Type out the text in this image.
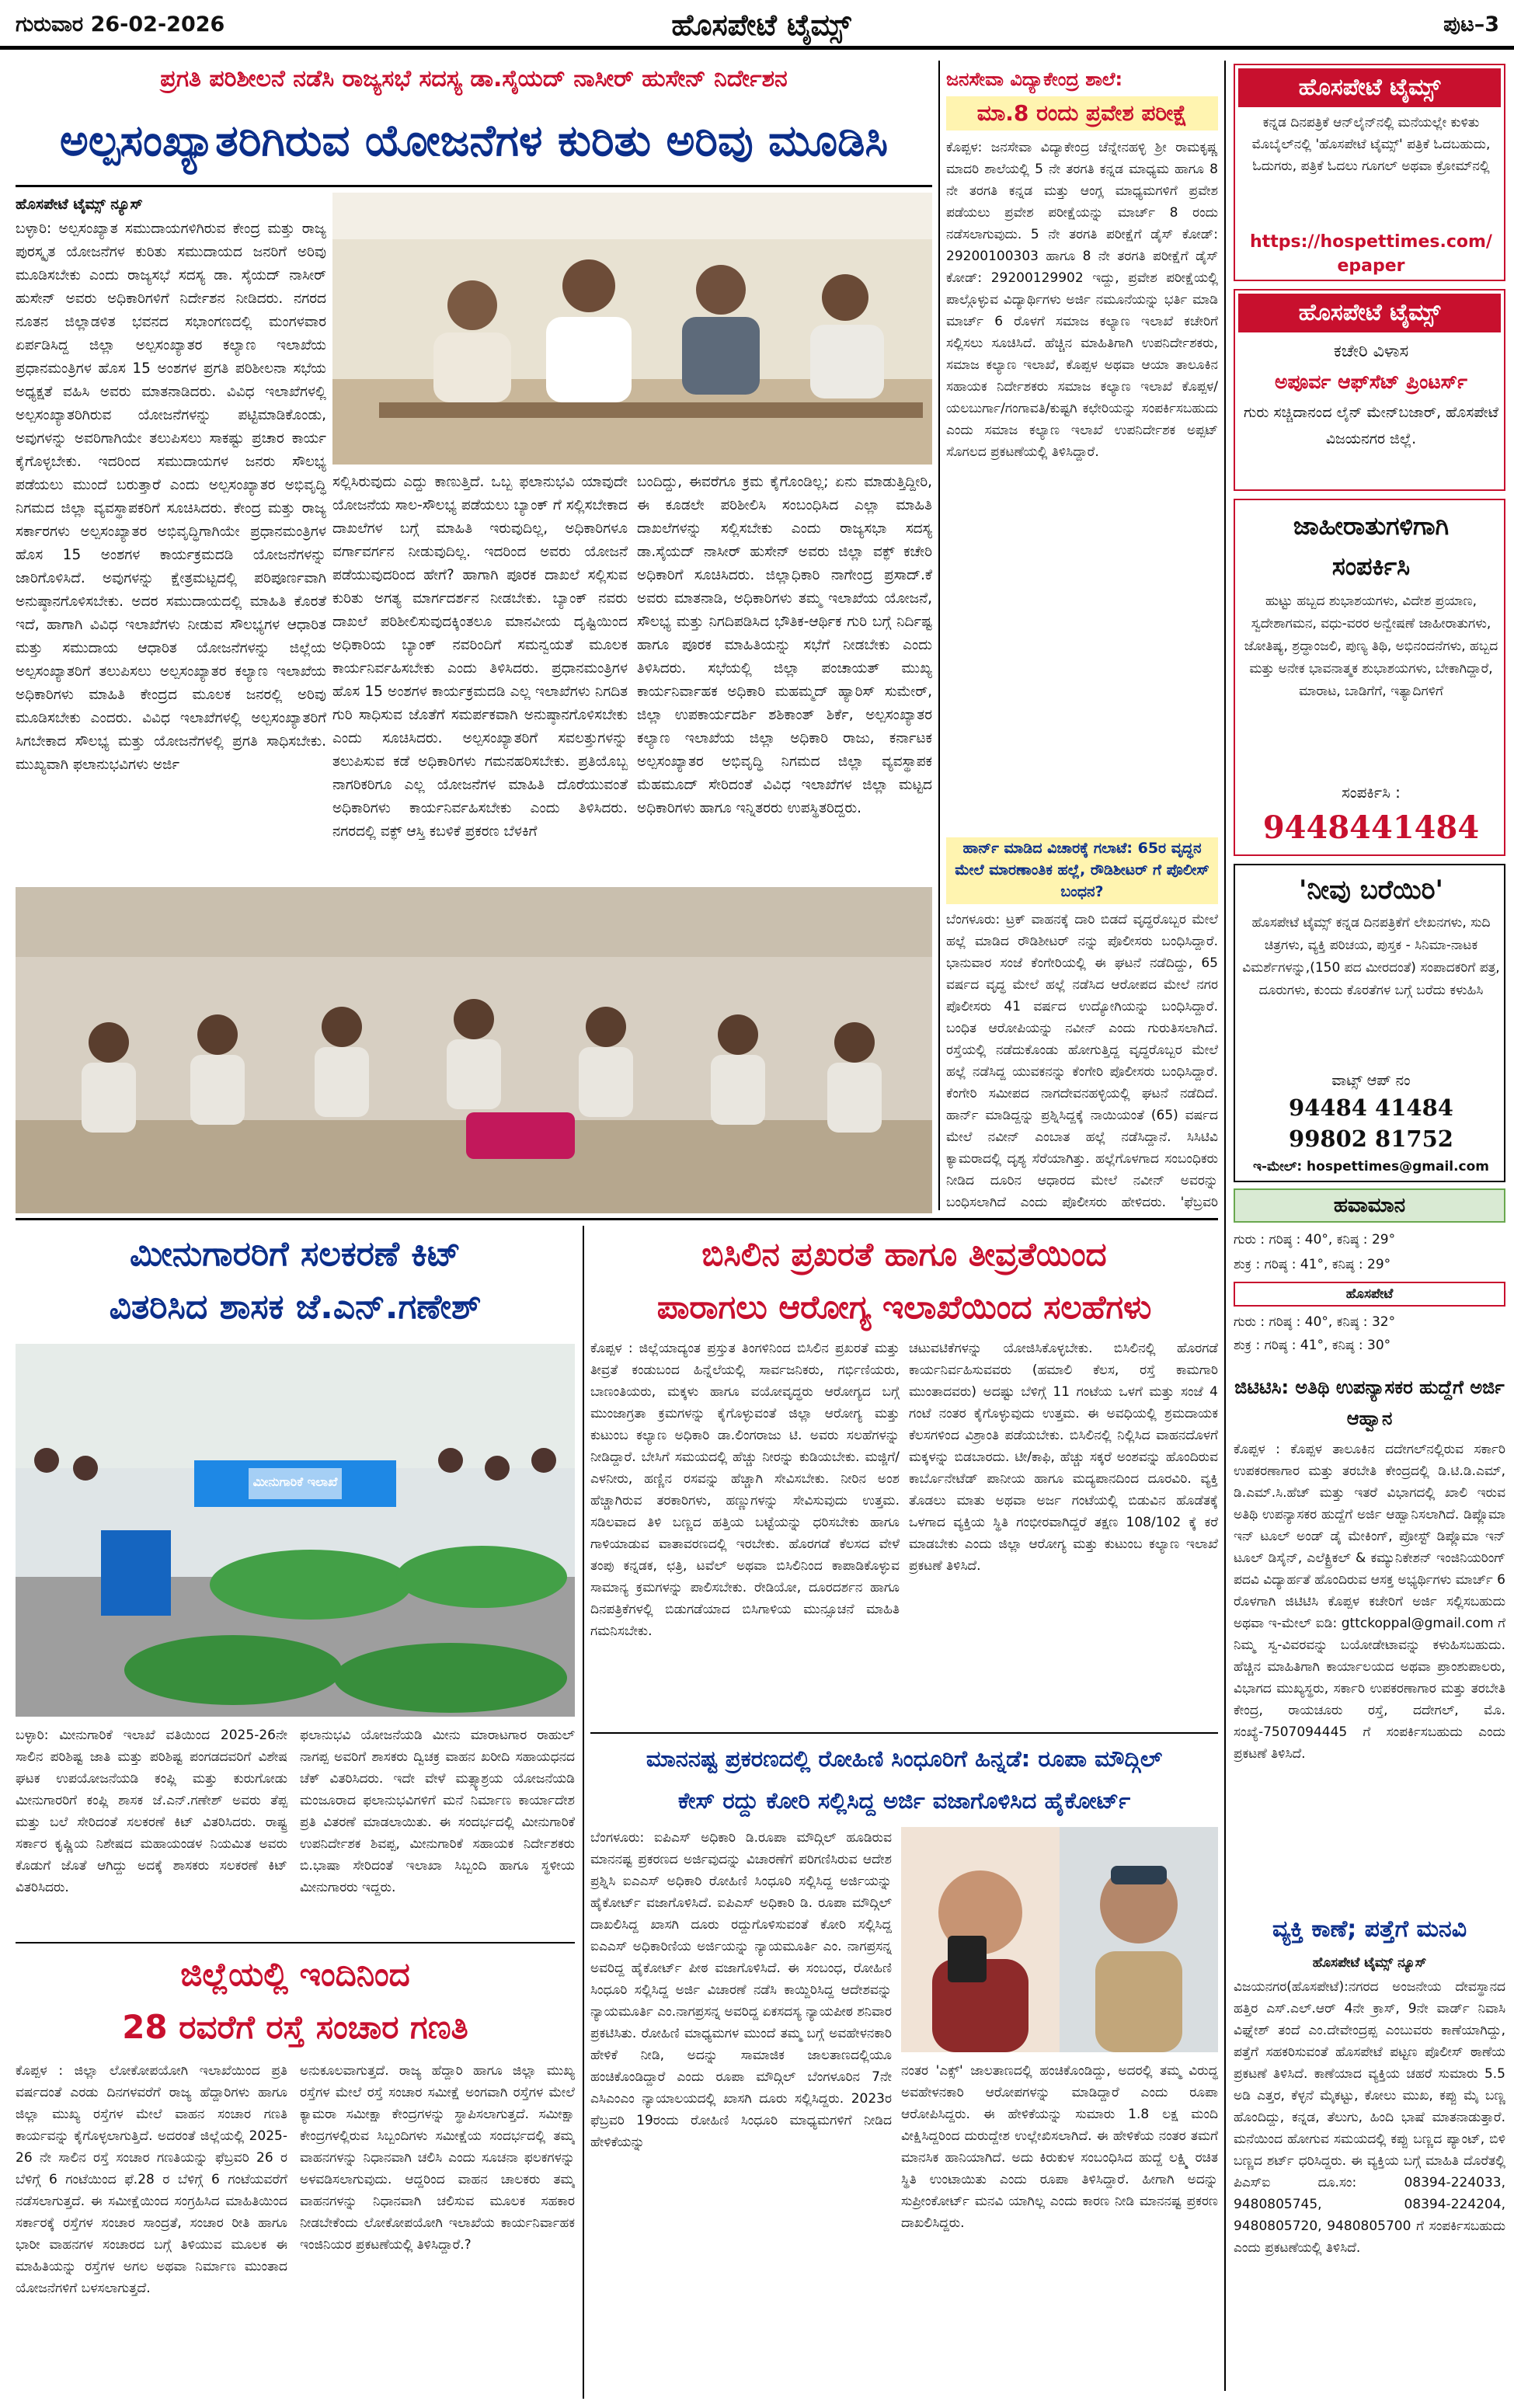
ಗುರುವಾರ 26-02-2026	ಹೊಸಪೇಟೆ ಟೈಮ್ಸ್	ಪುಟ–3
ಪ್ರಗತಿ ಪರಿಶೀಲನೆ ನಡೆಸಿ ರಾಜ್ಯಸಭೆ ಸದಸ್ಯ ಡಾ.ಸೈಯದ್ ನಾಸೀರ್ ಹುಸೇನ್ ನಿರ್ದೇಶನ
ಅಲ್ಪಸಂಖ್ಯಾತರಿಗಿರುವ ಯೋಜನೆಗಳ ಕುರಿತು ಅರಿವು ಮೂಡಿಸಿ
ಹೊಸಪೇಟೆ ಟೈಮ್ಸ್ ನ್ಯೂಸ್
ಬಳ್ಳಾರಿ: ಅಲ್ಪಸಂಖ್ಯಾತ ಸಮುದಾಯಗಳಿಗಿರುವ ಕೇಂದ್ರ ಮತ್ತು ರಾಜ್ಯ ಪುರಸ್ಕೃತ ಯೋಜನೆಗಳ ಕುರಿತು ಸಮುದಾಯದ ಜನರಿಗೆ ಅರಿವು ಮೂಡಿಸಬೇಕು ಎಂದು ರಾಜ್ಯಸಭೆ ಸದಸ್ಯ ಡಾ. ಸೈಯದ್ ನಾಸೀರ್ ಹುಸೇನ್ ಅವರು ಅಧಿಕಾರಿಗಳಿಗೆ ನಿರ್ದೇಶನ ನೀಡಿದರು. ನಗರದ ನೂತನ ಜಿಲ್ಲಾಡಳಿತ ಭವನದ ಸಭಾಂಗಣದಲ್ಲಿ ಮಂಗಳವಾರ ಏರ್ಪಡಿಸಿದ್ದ ಜಿಲ್ಲಾ ಅಲ್ಪಸಂಖ್ಯಾತರ ಕಲ್ಯಾಣ ಇಲಾಖೆಯ ಪ್ರಧಾನಮಂತ್ರಿಗಳ ಹೊಸ 15 ಅಂಶಗಳ ಪ್ರಗತಿ ಪರಿಶೀಲನಾ ಸಭೆಯ ಅಧ್ಯಕ್ಷತೆ ವಹಿಸಿ ಅವರು ಮಾತನಾಡಿದರು. ವಿವಿಧ ಇಲಾಖೆಗಳಲ್ಲಿ ಅಲ್ಪಸಂಖ್ಯಾತರಿಗಿರುವ ಯೋಜನೆಗಳನ್ನು ಪಟ್ಟಿಮಾಡಿಕೊಂಡು, ಅವುಗಳನ್ನು ಅವರಿಗಾಗಿಯೇ ತಲುಪಿಸಲು ಸಾಕಷ್ಟು ಪ್ರಚಾರ ಕಾರ್ಯ ಕೈಗೊಳ್ಳಬೇಕು. ಇದರಿಂದ ಸಮುದಾಯಗಳ ಜನರು ಸೌಲಭ್ಯ ಪಡೆಯಲು ಮುಂದೆ ಬರುತ್ತಾರೆ ಎಂದು ಅಲ್ಪಸಂಖ್ಯಾತರ ಅಭಿವೃದ್ಧಿ ನಿಗಮದ ಜಿಲ್ಲಾ ವ್ಯವಸ್ಥಾಪಕರಿಗೆ ಸೂಚಿಸಿದರು. ಕೇಂದ್ರ ಮತ್ತು ರಾಜ್ಯ ಸರ್ಕಾರಗಳು ಅಲ್ಪಸಂಖ್ಯಾತರ ಅಭಿವೃದ್ಧಿಗಾಗಿಯೇ ಪ್ರಧಾನಮಂತ್ರಿಗಳ ಹೊಸ 15 ಅಂಶಗಳ ಕಾರ್ಯಕ್ರಮದಡಿ ಯೋಜನೆಗಳನ್ನು ಜಾರಿಗೊಳಿಸಿದೆ. ಅವುಗಳನ್ನು ಕ್ಷೇತ್ರಮಟ್ಟದಲ್ಲಿ ಪರಿಪೂರ್ಣವಾಗಿ ಅನುಷ್ಠಾನಗೊಳಿಸಬೇಕು. ಅದರ ಸಮುದಾಯದಲ್ಲಿ ಮಾಹಿತಿ ಕೊರತೆ ಇದೆ, ಹಾಗಾಗಿ ವಿವಿಧ ಇಲಾಖೆಗಳು ನೀಡುವ ಸೌಲಭ್ಯಗಳ ಆಧಾರಿತ ಮತ್ತು ಸಮುದಾಯ ಆಧಾರಿತ ಯೋಜನೆಗಳನ್ನು ಜಿಲ್ಲೆಯ ಅಲ್ಪಸಂಖ್ಯಾತರಿಗೆ ತಲುಪಿಸಲು ಅಲ್ಪಸಂಖ್ಯಾತರ ಕಲ್ಯಾಣ ಇಲಾಖೆಯ ಅಧಿಕಾರಿಗಳು ಮಾಹಿತಿ ಕೇಂದ್ರದ ಮೂಲಕ ಜನರಲ್ಲಿ ಅರಿವು ಮೂಡಿಸಬೇಕು ಎಂದರು. ವಿವಿಧ ಇಲಾಖೆಗಳಲ್ಲಿ ಅಲ್ಪಸಂಖ್ಯಾತರಿಗೆ ಸಿಗಬೇಕಾದ ಸೌಲಭ್ಯ ಮತ್ತು ಯೋಜನೆಗಳಲ್ಲಿ ಪ್ರಗತಿ ಸಾಧಿಸಬೇಕು. ಮುಖ್ಯವಾಗಿ ಫಲಾನುಭವಿಗಳು ಅರ್ಜಿ
ಸಲ್ಲಿಸಿರುವುದು ಎದ್ದು ಕಾಣುತ್ತಿದೆ. ಒಬ್ಬ ಫಲಾನುಭವಿ ಯಾವುದೇ ಯೋಜನೆಯ ಸಾಲ-ಸೌಲಭ್ಯ ಪಡೆಯಲು ಬ್ಯಾಂಕ್ ಗೆ ಸಲ್ಲಿಸಬೇಕಾದ ದಾಖಲೆಗಳ ಬಗ್ಗೆ ಮಾಹಿತಿ ಇರುವುದಿಲ್ಲ, ಅಧಿಕಾರಿಗಳೂ ವರ್ಗಾವರ್ಗನ ನೀಡುವುದಿಲ್ಲ. ಇದರಿಂದ ಅವರು ಯೋಜನೆ ಪಡೆಯುವುದರಿಂದ ಹೇಗೆ? ಹಾಗಾಗಿ ಪೂರಕ ದಾಖಲೆ ಸಲ್ಲಿಸುವ ಕುರಿತು ಅಗತ್ಯ ಮಾರ್ಗದರ್ಶನ ನೀಡಬೇಕು. ಬ್ಯಾಂಕ್ ನವರು ದಾಖಲೆ ಪರಿಶೀಲಿಸುವುದಕ್ಕಿಂತಲೂ ಮಾನವೀಯ ದೃಷ್ಟಿಯಿಂದ ಅಧಿಕಾರಿಯ ಬ್ಯಾಂಕ್ ನವರಿಂದಿಗೆ ಸಮನ್ವಯತೆ ಮೂಲಕ ಕಾರ್ಯನಿರ್ವಹಿಸಬೇಕು ಎಂದು ತಿಳಿಸಿದರು. ಪ್ರಧಾನಮಂತ್ರಿಗಳ ಹೊಸ 15 ಅಂಶಗಳ ಕಾರ್ಯಕ್ರಮದಡಿ ಎಲ್ಲ ಇಲಾಖೆಗಳು ನಿಗದಿತ ಗುರಿ ಸಾಧಿಸುವ ಜೊತೆಗೆ ಸಮರ್ಪಕವಾಗಿ ಅನುಷ್ಠಾನಗೊಳಿಸಬೇಕು ಎಂದು ಸೂಚಿಸಿದರು. ಅಲ್ಪಸಂಖ್ಯಾತರಿಗೆ ಸವಲತ್ತುಗಳನ್ನು ತಲುಪಿಸುವ ಕಡೆ ಅಧಿಕಾರಿಗಳು ಗಮನಹರಿಸಬೇಕು. ಪ್ರತಿಯೊಬ್ಬ ನಾಗರಿಕರಿಗೂ ಎಲ್ಲ ಯೋಜನೆಗಳ ಮಾಹಿತಿ ದೊರೆಯುವಂತೆ ಅಧಿಕಾರಿಗಳು ಕಾರ್ಯನಿರ್ವಹಿಸಬೇಕು ಎಂದು ತಿಳಿಸಿದರು. ನಗರದಲ್ಲಿ ವಕ್ಫ್ ಆಸ್ತಿ ಕಬಳಿಕೆ ಪ್ರಕರಣ ಬೆಳಕಿಗೆ
ಬಂದಿದ್ದು, ಈವರೆಗೂ ಕ್ರಮ ಕೈಗೊಂಡಿಲ್ಲ; ಏನು ಮಾಡುತ್ತಿದ್ದೀರಿ, ಈ ಕೂಡಲೇ ಪರಿಶೀಲಿಸಿ ಸಂಬಂಧಿಸಿದ ಎಲ್ಲಾ ಮಾಹಿತಿ ದಾಖಲೆಗಳನ್ನು ಸಲ್ಲಿಸಬೇಕು ಎಂದು ರಾಜ್ಯಸಭಾ ಸದಸ್ಯ ಡಾ.ಸೈಯದ್ ನಾಸೀರ್ ಹುಸೇನ್ ಅವರು ಜಿಲ್ಲಾ ವಕ್ಫ್ ಕಚೇರಿ ಅಧಿಕಾರಿಗೆ ಸೂಚಿಸಿದರು. ಜಿಲ್ಲಾಧಿಕಾರಿ ನಾಗೇಂದ್ರ ಪ್ರಸಾದ್.ಕೆ ಅವರು ಮಾತನಾಡಿ, ಅಧಿಕಾರಿಗಳು ತಮ್ಮ ಇಲಾಖೆಯ ಯೋಜನೆ, ಸೌಲಭ್ಯ ಮತ್ತು ನಿಗದಿಪಡಿಸಿದ ಭೌತಿಕ-ಆರ್ಥಿಕ ಗುರಿ ಬಗ್ಗೆ ನಿರ್ದಿಷ್ಟ ಹಾಗೂ ಪೂರಕ ಮಾಹಿತಿಯನ್ನು ಸಭೆಗೆ ನೀಡಬೇಕು ಎಂದು ತಿಳಿಸಿದರು. ಸಭೆಯಲ್ಲಿ ಜಿಲ್ಲಾ ಪಂಚಾಯತ್ ಮುಖ್ಯ ಕಾರ್ಯನಿರ್ವಾಹಕ ಅಧಿಕಾರಿ ಮಹಮ್ಮದ್ ಹ್ಯಾರಿಸ್ ಸುಮೇರ್, ಜಿಲ್ಲಾ ಉಪಕಾರ್ಯದರ್ಶಿ ಶಶಿಕಾಂತ್ ಶಿರ್ಕೆ, ಅಲ್ಪಸಂಖ್ಯಾತರ ಕಲ್ಯಾಣ ಇಲಾಖೆಯ ಜಿಲ್ಲಾ ಅಧಿಕಾರಿ ರಾಜು, ಕರ್ನಾಟಕ ಅಲ್ಪಸಂಖ್ಯಾತರ ಅಭಿವೃದ್ಧಿ ನಿಗಮದ ಜಿಲ್ಲಾ ವ್ಯವಸ್ಥಾಪಕ ಮೆಹಮೂದ್ ಸೇರಿದಂತೆ ವಿವಿಧ ಇಲಾಖೆಗಳ ಜಿಲ್ಲಾ ಮಟ್ಟದ ಅಧಿಕಾರಿಗಳು ಹಾಗೂ ಇನ್ನಿತರರು ಉಪಸ್ಥಿತರಿದ್ದರು.
ಜನಸೇವಾ ವಿದ್ಯಾಕೇಂದ್ರ ಶಾಲೆ:
ಮಾ.8 ರಂದು ಪ್ರವೇಶ ಪರೀಕ್ಷೆ
ಕೊಪ್ಪಳ: ಜನಸೇವಾ ವಿದ್ಯಾಕೇಂದ್ರ ಚೆನ್ನೇನಹಳ್ಳಿ ಶ್ರೀ ರಾಮಕೃಷ್ಣ ಮಾದರಿ ಶಾಲೆಯಲ್ಲಿ 5 ನೇ ತರಗತಿ ಕನ್ನಡ ಮಾಧ್ಯಮ ಹಾಗೂ 8 ನೇ ತರಗತಿ ಕನ್ನಡ ಮತ್ತು ಆಂಗ್ಲ ಮಾಧ್ಯಮಗಳಿಗೆ ಪ್ರವೇಶ ಪಡೆಯಲು ಪ್ರವೇಶ ಪರೀಕ್ಷೆಯನ್ನು ಮಾರ್ಚ್ 8 ರಂದು ನಡೆಸಲಾಗುವುದು. 5 ನೇ ತರಗತಿ ಪರೀಕ್ಷೆಗೆ ಡೈಸ್ ಕೋಡ್: 29200100303 ಹಾಗೂ 8 ನೇ ತರಗತಿ ಪರೀಕ್ಷೆಗೆ ಡೈಸ್ ಕೋಡ್: 29200129902 ಇದ್ದು, ಪ್ರವೇಶ ಪರೀಕ್ಷೆಯಲ್ಲಿ ಪಾಲ್ಗೊಳ್ಳುವ ವಿದ್ಯಾರ್ಥಿಗಳು ಅರ್ಜಿ ನಮೂನೆಯನ್ನು ಭರ್ತಿ ಮಾಡಿ ಮಾರ್ಚ್ 6 ರೊಳಗೆ ಸಮಾಜ ಕಲ್ಯಾಣ ಇಲಾಖೆ ಕಚೇರಿಗೆ ಸಲ್ಲಿಸಲು ಸೂಚಿಸಿದೆ. ಹೆಚ್ಚಿನ ಮಾಹಿತಿಗಾಗಿ ಉಪನಿರ್ದೇಶಕರು, ಸಮಾಜ ಕಲ್ಯಾಣ ಇಲಾಖೆ, ಕೊಪ್ಪಳ ಅಥವಾ ಆಯಾ ತಾಲೂಕಿನ ಸಹಾಯಕ ನಿರ್ದೇಶಕರು ಸಮಾಜ ಕಲ್ಯಾಣ ಇಲಾಖೆ ಕೊಪ್ಪಳ/ಯಲಬುರ್ಗಾ/ಗಂಗಾವತಿ/ಕುಷ್ಟಗಿ ಕಛೇರಿಯನ್ನು ಸಂಪರ್ಕಿಸಬಹುದು ಎಂದು ಸಮಾಜ ಕಲ್ಯಾಣ ಇಲಾಖೆ ಉಪನಿರ್ದೇಶಕ ಅಪ್ಪಟ್ ಸೊಗಲದ ಪ್ರಕಟಣೆಯಲ್ಲಿ ತಿಳಿಸಿದ್ದಾರೆ.
ಹಾರ್ನ್ ಮಾಡಿದ ವಿಚಾರಕ್ಕೆ ಗಲಾಟೆ: 65ರ ವೃದ್ಧನ ಮೇಲೆ ಮಾರಣಾಂತಿಕ ಹಲ್ಲೆ, ರೌಡಿಶೀಟರ್ ಗೆ ಪೊಲೀಸ್ ಬಂಧನ?
ಬೆಂಗಳೂರು: ಟ್ರಕ್ ವಾಹನಕ್ಕೆ ದಾರಿ ಬಿಡದೆ ವೃದ್ಧರೊಬ್ಬರ ಮೇಲೆ ಹಲ್ಲೆ ಮಾಡಿದ ರೌಡಿಶೀಟರ್ ನನ್ನು ಪೊಲೀಸರು ಬಂಧಿಸಿದ್ದಾರೆ. ಭಾನುವಾರ ಸಂಜೆ ಕೆಂಗೇರಿಯಲ್ಲಿ ಈ ಘಟನೆ ನಡೆದಿದ್ದು, 65 ವರ್ಷದ ವೃದ್ಧ ಮೇಲೆ ಹಲ್ಲೆ ನಡೆಸಿದ ಆರೋಪದ ಮೇಲೆ ನಗರ ಪೊಲೀಸರು 41 ವರ್ಷದ ಉದ್ಯೋಗಿಯನ್ನು ಬಂಧಿಸಿದ್ದಾರೆ. ಬಂಧಿತ ಆರೋಪಿಯನ್ನು ನವೀನ್ ಎಂದು ಗುರುತಿಸಲಾಗಿದೆ. ರಸ್ತೆಯಲ್ಲಿ ನಡೆದುಕೊಂಡು ಹೋಗುತ್ತಿದ್ದ ವೃದ್ಧರೊಬ್ಬರ ಮೇಲೆ ಹಲ್ಲೆ ನಡೆಸಿದ್ದ ಯುವಕನನ್ನು ಕೆಂಗೇರಿ ಪೊಲೀಸರು ಬಂಧಿಸಿದ್ದಾರೆ. ಕೆಂಗೇರಿ ಸಮೀಪದ ನಾಗದೇವನಹಳ್ಳಿಯಲ್ಲಿ ಘಟನೆ ನಡೆದಿದೆ. ಹಾರ್ನ್ ಮಾಡಿದ್ದನ್ನು ಪ್ರಶ್ನಿಸಿದ್ದಕ್ಕೆ ನಾಯಿಯಂತೆ (65) ವರ್ಷದ ಮೇಲೆ ನವೀನ್ ಎಂಬಾತ ಹಲ್ಲೆ ನಡೆಸಿದ್ದಾನೆ. ಸಿಸಿಟಿವಿ ಕ್ಯಾಮರಾದಲ್ಲಿ ದೃಶ್ಯ ಸೆರೆಯಾಗಿತ್ತು. ಹಲ್ಲೆಗೊಳಗಾದ ಸಂಬಂಧಿಕರು ನೀಡಿದ ದೂರಿನ ಆಧಾರದ ಮೇಲೆ ನವೀನ್ ಅವರನ್ನು ಬಂಧಿಸಲಾಗಿದೆ ಎಂದು ಪೊಲೀಸರು ಹೇಳಿದರು. 'ಫೆಬ್ರವರಿ
ಹೊಸಪೇಟೆ ಟೈಮ್ಸ್
ಕನ್ನಡ ದಿನಪತ್ರಿಕೆ ಆನ್‌ಲೈನ್‌ನಲ್ಲಿ ಮನೆಯಲ್ಲೇ ಕುಳಿತು ಮೊಬೈಲ್‌ನಲ್ಲಿ 'ಹೊಸಪೇಟೆ ಟೈಮ್ಸ್' ಪತ್ರಿಕೆ ಓದಬಹುದು, ಓದುಗರು, ಪತ್ರಿಕೆ ಓದಲು ಗೂಗಲ್ ಅಥವಾ ಕ್ರೋಮ್‌ನಲ್ಲಿ
https://hospettimes.com/
epaper
ಹೊಸಪೇಟೆ ಟೈಮ್ಸ್
ಕಚೇರಿ ವಿಳಾಸ
ಅಪೂರ್ವ ಆಫ್‌ಸೆಟ್ ಪ್ರಿಂಟರ್ಸ್
ಗುರು ಸಚ್ಚಿದಾನಂದ ಲೈನ್ ಮೇನ್‌ಬಜಾರ್, ಹೊಸಪೇಟೆ ವಿಜಯನಗರ ಜಿಲ್ಲೆ.
ಜಾಹೀರಾತುಗಳಿಗಾಗಿ
ಸಂಪರ್ಕಿಸಿ
ಹುಟ್ಟು ಹಬ್ಬದ ಶುಭಾಶಯಗಳು, ವಿದೇಶ ಪ್ರಯಾಣ, ಸ್ವದೇಶಾಗಮನ, ವಧು-ವರರ ಅನ್ವೇಷಣೆ ಜಾಹೀರಾತುಗಳು, ಜೋತಿಷ್ಯ, ಶ್ರದ್ಧಾಂಜಲಿ, ಪುಣ್ಯ ತಿಥಿ, ಅಭಿನಂದನೆಗಳು, ಹಬ್ಬದ ಮತ್ತು ಅನೇಕ ಭಾವನಾತ್ಮಕ ಶುಭಾಶಯಗಳು, ಬೇಕಾಗಿದ್ದಾರೆ, ಮಾರಾಟ, ಬಾಡಿಗೆಗೆ, ಇತ್ಯಾದಿಗಳಿಗೆ
ಸಂಪರ್ಕಿಸಿ :
9448441484
'ನೀವು ಬರೆಯಿರಿ'
ಹೊಸಪೇಟೆ ಟೈಮ್ಸ್ ಕನ್ನಡ ದಿನಪತ್ರಿಕೆಗೆ ಲೇಖನಗಳು, ಸುದಿ ಚಿತ್ರಗಳು, ವ್ಯಕ್ತಿ ಪರಿಚಯ, ಪುಸ್ತಕ - ಸಿನಿಮಾ-ನಾಟಕ ವಿಮರ್ಶೆಗಳನ್ನು,(150 ಪದ ಮೀರದಂತೆ) ಸಂಪಾದಕರಿಗೆ ಪತ್ರ, ದೂರುಗಳು, ಕುಂದು ಕೊರತೆಗಳ ಬಗ್ಗೆ ಬರೆದು ಕಳುಹಿಸಿ
ವಾಟ್ಸ್ ಆಪ್ ನಂ
94484 41484
99802 81752
ಇ-ಮೇಲ್: hospettimes@gmail.com
ಹವಾಮಾನ
ಗುರು : ಗರಿಷ್ಠ : 40°, ಕನಿಷ್ಠ : 29°
ಶುಕ್ರ : ಗರಿಷ್ಠ : 41°, ಕನಿಷ್ಠ : 29°
ಹೊಸಪೇಟೆ
ಗುರು : ಗರಿಷ್ಠ : 40°, ಕನಿಷ್ಠ : 32°
ಶುಕ್ರ : ಗರಿಷ್ಠ : 41°, ಕನಿಷ್ಠ : 30°
ಜಿಟಿಟಿಸಿ: ಅತಿಥಿ ಉಪನ್ಯಾಸಕರ ಹುದ್ದೆಗೆ ಅರ್ಜಿ ಆಹ್ವಾನ
ಕೊಪ್ಪಳ : ಕೊಪ್ಪಳ ತಾಲೂಕಿನ ದದೇಗಲ್‌ನಲ್ಲಿರುವ ಸರ್ಕಾರಿ ಉಪಕರಣಾಗಾರ ಮತ್ತು ತರಬೇತಿ ಕೇಂದ್ರದಲ್ಲಿ ಡಿ.ಟಿ.ಡಿ.ಎಮ್, ಡಿ.ಎಮ್.ಸಿ.ಹೆಚ್ ಮತ್ತು ಇತರೆ ವಿಭಾಗದಲ್ಲಿ ಖಾಲಿ ಇರುವ ಅತಿಥಿ ಉಪನ್ಯಾಸಕರ ಹುದ್ದೆಗೆ ಅರ್ಜಿ ಆಹ್ವಾನಿಸಲಾಗಿದೆ. ಡಿಪ್ಲೊಮಾ ಇನ್ ಟೂಲ್ ಅಂಡ್ ಡೈ ಮೇಕಿಂಗ್, ಪ್ರೋಸ್ಟ್ ಡಿಪ್ಲೊಮಾ ಇನ್ ಟೂಲ್ ಡಿಸೈನ್, ಎಲೆಕ್ಟ್ರಿಕಲ್ & ಕಮ್ಯುನಿಕೇಶನ್ ಇಂಜಿನಿಯರಿಂಗ್ ಪದವಿ ವಿದ್ಯಾರ್ಹತೆ ಹೊಂದಿರುವ ಆಸಕ್ತ ಅಭ್ಯರ್ಥಿಗಳು ಮಾರ್ಚ್ 6 ರೊಳಗಾಗಿ ಜಿಟಿಟಿಸಿ ಕೊಪ್ಪಳ ಕಚೇರಿಗೆ ಅರ್ಜಿ ಸಲ್ಲಿಸಬಹುದು ಅಥವಾ ಇ-ಮೇಲ್ ಐಡಿ: gttckoppal@gmail.com ಗೆ ನಿಮ್ಮ ಸ್ವ-ವಿವರವನ್ನು ಬಯೋಡೇಟಾವನ್ನು ಕಳುಹಿಸಬಹುದು. ಹೆಚ್ಚಿನ ಮಾಹಿತಿಗಾಗಿ ಕಾರ್ಯಾಲಯದ ಅಥವಾ ಪ್ರಾಂಶುಪಾಲರು, ವಿಭಾಗದ ಮುಖ್ಯಸ್ಥರು, ಸರ್ಕಾರಿ ಉಪಕರಣಾಗಾರ ಮತ್ತು ತರಬೇತಿ ಕೇಂದ್ರ, ರಾಯಚೂರು ರಸ್ತೆ, ದದೇಗಲ್, ಮೊ. ಸಂಖ್ಯೆ-7507094445 ಗೆ ಸಂಪರ್ಕಿಸಬಹುದು ಎಂದು ಪ್ರಕಟಣೆ ತಿಳಿಸಿದೆ.
ವ್ಯಕ್ತಿ ಕಾಣೆ; ಪತ್ತೆಗೆ ಮನವಿ
ಹೊಸಪೇಟೆ ಟೈಮ್ಸ್ ನ್ಯೂಸ್
ವಿಜಯನಗರ(ಹೊಸಪೇಟೆ):ನಗರದ ಅಂಜನೇಯ ದೇವಸ್ಥಾನದ ಹತ್ತಿರ ಎಸ್.ಎಲ್.ಆರ್ 4ನೇ ಕ್ರಾಸ್, 9ನೇ ವಾರ್ಡ್ ನಿವಾಸಿ ವಿಘ್ನೇಶ್ ತಂದೆ ಎಂ.ದೇವೇಂದ್ರಪ್ಪ ಎಂಬುವರು ಕಾಣೆಯಾಗಿದ್ದು, ಪತ್ತೆಗೆ ಸಹಕರಿಸುವಂತೆ ಹೊಸಪೇಟೆ ಪಟ್ಟಣ ಪೊಲೀಸ್ ಠಾಣೆಯ ಪ್ರಕಟಣೆ ತಿಳಿಸಿದೆ. ಕಾಣೆಯಾದ ವ್ಯಕ್ತಿಯ ಚಹರೆ ಸುಮಾರು 5.5 ಅಡಿ ಎತ್ತರ, ಕೆಳ್ಳನೆ ಮೈಕಟ್ಟು, ಕೋಲು ಮುಖ, ಕಪ್ಪು ಮೈ ಬಣ್ಣ ಹೊಂದಿದ್ದು, ಕನ್ನಡ, ತೆಲುಗು, ಹಿಂದಿ ಭಾಷೆ ಮಾತನಾಡುತ್ತಾರೆ. ಮನೆಯಿಂದ ಹೋಗುವ ಸಮಯದಲ್ಲಿ ಕಪ್ಪು ಬಣ್ಣದ ಪ್ಯಾಂಟ್, ಬಿಳಿ ಬಣ್ಣದ ಶರ್ಟ್ ಧರಿಸಿದ್ದರು. ಈ ವ್ಯಕ್ತಿಯ ಬಗ್ಗೆ ಮಾಹಿತಿ ದೊರೆತಲ್ಲಿ ಪಿಎಸ್ಐ ದೂ.ಸಂ: 08394-224033, 9480805745, 08394-224204, 9480805720, 9480805700 ಗೆ ಸಂಪರ್ಕಿಸಬಹುದು ಎಂದು ಪ್ರಕಟಣೆಯಲ್ಲಿ ತಿಳಿಸಿದೆ.
ಮೀನುಗಾರರಿಗೆ ಸಲಕರಣೆ ಕಿಟ್
ವಿತರಿಸಿದ ಶಾಸಕ ಜೆ.ಎನ್.ಗಣೇಶ್
ಮೀನುಗಾರಿಕೆ ಇಲಾಖೆ
ಬಳ್ಳಾರಿ: ಮೀನುಗಾರಿಕೆ ಇಲಾಖೆ ವತಿಯಿಂದ 2025-26ನೇ ಸಾಲಿನ ಪರಿಶಿಷ್ಟ ಜಾತಿ ಮತ್ತು ಪರಿಶಿಷ್ಟ ಪಂಗಡದವರಿಗೆ ವಿಶೇಷ ಘಟಕ ಉಪಯೋಜನೆಯಡಿ ಕಂಪ್ಲಿ ಮತ್ತು ಕುರುಗೋಡು ಮೀನುಗಾರರಿಗೆ ಕಂಪ್ಲಿ ಶಾಸಕ ಜೆ.ಎನ್.ಗಣೇಶ್ ಅವರು ತೆಪ್ಪ ಮತ್ತು ಬಲೆ ಸೇರಿದಂತೆ ಸಲಕರಣೆ ಕಿಟ್ ವಿತರಿಸಿದರು. ರಾಷ್ಟ್ರ ಸರ್ಕಾರ ಕೃಷ್ಣಿಯ ನಿಶೇಷದ ಮಹಾಯಂಡಳ ನಿಯಮಿತ ಅವರು ಕೊಡುಗೆ ಜೊತೆ ಆಗಿದ್ದು ಅದಕ್ಕೆ ಶಾಸಕರು ಸಲಕರಣೆ ಕಿಟ್ ವಿತರಿಸಿದರು.
ಫಲಾನುಭವಿ ಯೋಜನೆಯಡಿ ಮೀನು ಮಾರಾಟಗಾರ ರಾಹುಲ್ ನಾಗಪ್ಪ ಅವರಿಗೆ ಶಾಸಕರು ದ್ವಿಚಕ್ರ ವಾಹನ ಖರೀದಿ ಸಹಾಯಧನದ ಚೆಕ್ ವಿತರಿಸಿದರು. ಇದೇ ವೇಳೆ ಮತ್ಸ್ಯಾಶ್ರಯ ಯೋಜನೆಯಡಿ ಮಂಜೂರಾದ ಫಲಾನುಭವಿಗಳಿಗೆ ಮನೆ ನಿರ್ಮಾಣ ಕಾರ್ಯಾದೇಶ ಪ್ರತಿ ವಿತರಣೆ ಮಾಡಲಾಯಿತು. ಈ ಸಂದರ್ಭದಲ್ಲಿ ಮೀನುಗಾರಿಕೆ ಉಪನಿರ್ದೇಶಕ ಶಿವಪ್ಪ, ಮೀನುಗಾರಿಕೆ ಸಹಾಯಕ ನಿರ್ದೇಶಕರು ಬಿ.ಭಾಷಾ ಸೇರಿದಂತೆ ಇಲಾಖಾ ಸಿಬ್ಬಂದಿ ಹಾಗೂ ಸ್ಥಳೀಯ ಮೀನುಗಾರರು ಇದ್ದರು.
ಜಿಲ್ಲೆಯಲ್ಲಿ ಇಂದಿನಿಂದ
28 ರವರೆಗೆ ರಸ್ತೆ ಸಂಚಾರ ಗಣತಿ
ಕೊಪ್ಪಳ : ಜಿಲ್ಲಾ ಲೋಕೋಪಯೋಗಿ ಇಲಾಖೆಯಿಂದ ಪ್ರತಿ ವರ್ಷದಂತೆ ಎರಡು ದಿನಗಳವರೆಗೆ ರಾಜ್ಯ ಹೆದ್ದಾರಿಗಳು ಹಾಗೂ ಜಿಲ್ಲಾ ಮುಖ್ಯ ರಸ್ತೆಗಳ ಮೇಲೆ ವಾಹನ ಸಂಚಾರ ಗಣತಿ ಕಾರ್ಯವನ್ನು ಕೈಗೊಳ್ಳಲಾಗುತ್ತಿದೆ. ಅದರಂತೆ ಜಿಲ್ಲೆಯಲ್ಲಿ 2025-26 ನೇ ಸಾಲಿನ ರಸ್ತೆ ಸಂಚಾರ ಗಣತಿಯನ್ನು ಫೆಬ್ರವರಿ 26 ರ ಬೆಳಿಗ್ಗೆ 6 ಗಂಟೆಯಿಂದ ಫೆ.28 ರ ಬೆಳಿಗ್ಗೆ 6 ಗಂಟೆಯವರೆಗೆ ನಡೆಸಲಾಗುತ್ತದೆ. ಈ ಸಮೀಕ್ಷೆಯಿಂದ ಸಂಗ್ರಹಿಸಿದ ಮಾಹಿತಿಯಿಂದ ಸರ್ಕಾರಕ್ಕೆ ರಸ್ತೆಗಳ ಸಂಚಾರ ಸಾಂದ್ರತೆ, ಸಂಚಾರ ರೀತಿ ಹಾಗೂ ಭಾರೀ ವಾಹನಗಳ ಸಂಚಾರದ ಬಗ್ಗೆ ತಿಳಿಯುವ ಮೂಲಕ ಈ ಮಾಹಿತಿಯನ್ನು ರಸ್ತೆಗಳ ಅಗಲ ಅಥವಾ ನಿರ್ಮಾಣ ಮುಂತಾದ ಯೋಜನೆಗಳಿಗೆ ಬಳಸಲಾಗುತ್ತದೆ.
ಅನುಕೂಲವಾಗುತ್ತದೆ. ರಾಜ್ಯ ಹೆದ್ದಾರಿ ಹಾಗೂ ಜಿಲ್ಲಾ ಮುಖ್ಯ ರಸ್ತೆಗಳ ಮೇಲೆ ರಸ್ತೆ ಸಂಚಾರ ಸಮೀಕ್ಷೆ ಅಂಗವಾಗಿ ರಸ್ತೆಗಳ ಮೇಲೆ ಕ್ಯಾಮರಾ ಸಮೀಕ್ಷಾ ಕೇಂದ್ರಗಳನ್ನು ಸ್ಥಾಪಿಸಲಾಗುತ್ತದೆ. ಸಮೀಕ್ಷಾ ಕೇಂದ್ರಗಳಲ್ಲಿರುವ ಸಿಬ್ಬಂದಿಗಳು ಸಮೀಕ್ಷೆಯ ಸಂದರ್ಭದಲ್ಲಿ ತಮ್ಮ ವಾಹನಗಳನ್ನು ನಿಧಾನವಾಗಿ ಚಲಿಸಿ ಎಂದು ಸೂಚನಾ ಫಲಕಗಳನ್ನು ಅಳವಡಿಸಲಾಗುವುದು. ಆದ್ದರಿಂದ ವಾಹನ ಚಾಲಕರು ತಮ್ಮ ವಾಹನಗಳನ್ನು ನಿಧಾನವಾಗಿ ಚಲಿಸುವ ಮೂಲಕ ಸಹಕಾರ ನೀಡಬೇಕೆಂದು ಲೋಕೋಪಯೋಗಿ ಇಲಾಖೆಯ ಕಾರ್ಯನಿರ್ವಾಹಕ ಇಂಜಿನಿಯರ ಪ್ರಕಟಣೆಯಲ್ಲಿ ತಿಳಿಸಿದ್ದಾರೆ.?
ಬಿಸಿಲಿನ ಪ್ರಖರತೆ ಹಾಗೂ ತೀವ್ರತೆಯಿಂದ
ಪಾರಾಗಲು ಆರೋಗ್ಯ ಇಲಾಖೆಯಿಂದ ಸಲಹೆಗಳು
ಕೊಪ್ಪಳ : ಜಿಲ್ಲೆಯಾದ್ಯಂತ ಪ್ರಸ್ತುತ ತಿಂಗಳಿನಿಂದ ಬಿಸಿಲಿನ ಪ್ರಖರತೆ ಮತ್ತು ತೀವ್ರತೆ ಕಂಡುಬಂದ ಹಿನ್ನೆಲೆಯಲ್ಲಿ ಸಾರ್ವಜನಿಕರು, ಗರ್ಭಿಣಿಯರು, ಬಾಣಂತಿಯರು, ಮಕ್ಕಳು ಹಾಗೂ ವಯೋವೃದ್ಧರು ಆರೋಗ್ಯದ ಬಗ್ಗೆ ಮುಂಜಾಗ್ರತಾ ಕ್ರಮಗಳನ್ನು ಕೈಗೊಳ್ಳುವಂತೆ ಜಿಲ್ಲಾ ಆರೋಗ್ಯ ಮತ್ತು ಕುಟುಂಬ ಕಲ್ಯಾಣ ಅಧಿಕಾರಿ ಡಾ.ಲಿಂಗರಾಜು ಟಿ. ಅವರು ಸಲಹೆಗಳನ್ನು ನೀಡಿದ್ದಾರೆ. ಬೇಸಿಗೆ ಸಮಯದಲ್ಲಿ ಹೆಚ್ಚು ನೀರನ್ನು ಕುಡಿಯಬೇಕು. ಮಜ್ಜಿಗೆ/ಎಳನೀರು, ಹಣ್ಣಿನ ರಸವನ್ನು ಹೆಚ್ಚಾಗಿ ಸೇವಿಸಬೇಕು. ನೀರಿನ ಅಂಶ ಹೆಚ್ಚಾಗಿರುವ ತರಕಾರಿಗಳು, ಹಣ್ಣುಗಳನ್ನು ಸೇವಿಸುವುದು ಉತ್ತಮ. ಸಡಿಲವಾದ ತಿಳಿ ಬಣ್ಣದ ಹತ್ತಿಯ ಬಟ್ಟೆಯನ್ನು ಧರಿಸಬೇಕು ಹಾಗೂ ಗಾಳಿಯಾಡುವ ವಾತಾವರಣದಲ್ಲಿ ಇರಬೇಕು. ಹೊರಗಡೆ ಕೆಲಸದ ವೇಳೆ ತಂಪು ಕನ್ನಡಕ, ಛತ್ರಿ, ಟವೆಲ್ ಅಥವಾ ಬಿಸಿಲಿನಿಂದ ಕಾಪಾಡಿಕೊಳ್ಳುವ ಸಾಮಾನ್ಯ ಕ್ರಮಗಳನ್ನು ಪಾಲಿಸಬೇಕು. ರೇಡಿಯೋ, ದೂರದರ್ಶನ ಹಾಗೂ ದಿನಪತ್ರಿಕೆಗಳಲ್ಲಿ ಬಿಡುಗಡೆಯಾದ ಬಿಸಿಗಾಳಿಯ ಮುನ್ಸೂಚನೆ ಮಾಹಿತಿ ಗಮನಿಸಬೇಕು.
ಚಟುವಟಿಕೆಗಳನ್ನು ಯೋಜಿಸಿಕೊಳ್ಳಬೇಕು. ಬಿಸಿಲಿನಲ್ಲಿ ಹೊರಗಡೆ ಕಾರ್ಯನಿರ್ವಹಿಸುವವರು (ಹಮಾಲಿ ಕೆಲಸ, ರಸ್ತೆ ಕಾಮಗಾರಿ ಮುಂತಾದವರು) ಅದಷ್ಟು ಬೆಳಿಗ್ಗೆ 11 ಗಂಟೆಯ ಒಳಗೆ ಮತ್ತು ಸಂಜೆ 4 ಗಂಟೆ ನಂತರ ಕೈಗೊಳ್ಳುವುದು ಉತ್ತಮ. ಈ ಅವಧಿಯಲ್ಲಿ ಶ್ರಮದಾಯಕ ಕೆಲಸಗಳಿಂದ ವಿಶ್ರಾಂತಿ ಪಡೆಯಬೇಕು. ಬಿಸಿಲಿನಲ್ಲಿ ನಿಲ್ಲಿಸಿದ ವಾಹನದೊಳಗೆ ಮಕ್ಕಳನ್ನು ಬಿಡಬಾರದು. ಟೀ/ಕಾಫಿ, ಹೆಚ್ಚು ಸಕ್ಕರೆ ಅಂಶವನ್ನು ಹೊಂದಿರುವ ಕಾರ್ಬೊನೇಟೆಡ್ ಪಾನೀಯ ಹಾಗೂ ಮದ್ಯಪಾನದಿಂದ ದೂರವಿರಿ. ವ್ಯಕ್ತಿ ತೊಡಲು ಮಾತು ಅಥವಾ ಅರ್ಜ ಗಂಟೆಯಲ್ಲಿ ಬಿಡುವಿನ ಹೊಡೆತಕ್ಕೆ ಒಳಗಾದ ವ್ಯಕ್ತಿಯ ಸ್ಥಿತಿ ಗಂಭೀರವಾಗಿದ್ದರೆ ತಕ್ಷಣ 108/102 ಕ್ಕೆ ಕರೆ ಮಾಡಬೇಕು ಎಂದು ಜಿಲ್ಲಾ ಆರೋಗ್ಯ ಮತ್ತು ಕುಟುಂಬ ಕಲ್ಯಾಣ ಇಲಾಖೆ ಪ್ರಕಟಣೆ ತಿಳಿಸಿದೆ.
ಮಾನನಷ್ಟ ಪ್ರಕರಣದಲ್ಲಿ ರೋಹಿಣಿ ಸಿಂಧೂರಿಗೆ ಹಿನ್ನಡೆ: ರೂಪಾ ಮೌದ್ಗಿಲ್
ಕೇಸ್ ರದ್ದು ಕೋರಿ ಸಲ್ಲಿಸಿದ್ದ ಅರ್ಜಿ ವಜಾಗೊಳಿಸಿದ ಹೈಕೋರ್ಟ್
ಬೆಂಗಳೂರು: ಐಪಿಎಸ್ ಅಧಿಕಾರಿ ಡಿ.ರೂಪಾ ಮೌದ್ಗಿಲ್ ಹೂಡಿರುವ ಮಾನನಷ್ಟ ಪ್ರಕರಣದ ಅರ್ಜಿವುದನ್ನು ವಿಚಾರಣೆಗೆ ಪರಿಗಣಿಸಿರುವ ಆದೇಶ ಪ್ರಶ್ನಿಸಿ ಐಎಎಸ್ ಅಧಿಕಾರಿ ರೋಹಿಣಿ ಸಿಂಧೂರಿ ಸಲ್ಲಿಸಿದ್ದ ಅರ್ಜಿಯನ್ನು ಹೈಕೋರ್ಟ್ ವಜಾಗೊಳಿಸಿದೆ. ಐಪಿಎಸ್ ಅಧಿಕಾರಿ ಡಿ. ರೂಪಾ ಮೌದ್ಗಿಲ್ ದಾಖಲಿಸಿದ್ದ ಖಾಸಗಿ ದೂರು ರದ್ದುಗೊಳಿಸುವಂತೆ ಕೋರಿ ಸಲ್ಲಿಸಿದ್ದ ಐಎಎಸ್ ಅಧಿಕಾರಿಣಿಯ ಅರ್ಜಿಯನ್ನು ನ್ಯಾಯಮೂರ್ತಿ ಎಂ. ನಾಗಪ್ರಸನ್ನ ಅವರಿದ್ದ ಹೈಕೋರ್ಟ್ ಪೀಠ ವಜಾಗೊಳಿಸಿದೆ. ಈ ಸಂಬಂಧ, ರೋಹಿಣಿ ಸಿಂಧೂರಿ ಸಲ್ಲಿಸಿದ್ದ ಅರ್ಜಿ ವಿಚಾರಣೆ ನಡೆಸಿ ಕಾಯ್ದಿರಿಸಿದ್ದ ಆದೇಶವನ್ನು ನ್ಯಾಯಮೂರ್ತಿ ಎಂ.ನಾಗಪ್ರಸನ್ನ ಅವರಿದ್ದ ಏಕಸದಸ್ಯ ನ್ಯಾಯಪೀಠ ಶನಿವಾರ ಪ್ರಕಟಿಸಿತು. ರೋಹಿಣಿ ಮಾಧ್ಯಮಗಳ ಮುಂದೆ ತಮ್ಮ ಬಗ್ಗೆ ಅವಹೇಳನಕಾರಿ ಹೇಳಿಕೆ ನೀಡಿ, ಅದನ್ನು ಸಾಮಾಜಿಕ ಜಾಲತಾಣದಲ್ಲಿಯೂ ಹಂಚಿಕೊಂಡಿದ್ದಾರೆ ಎಂದು ರೂಪಾ ಮೌದ್ಗಿಲ್ ಬೆಂಗಳೂರಿನ 7ನೇ ಎಸಿಎಂಎಂ ನ್ಯಾಯಾಲಯದಲ್ಲಿ ಖಾಸಗಿ ದೂರು ಸಲ್ಲಿಸಿದ್ದರು. 2023ರ ಫೆಬ್ರವರಿ 19ರಂದು ರೋಹಿಣಿ ಸಿಂಧೂರಿ ಮಾಧ್ಯಮಗಳಿಗೆ ನೀಡಿದ ಹೇಳಿಕೆಯನ್ನು
ನಂತರ 'ಎಕ್ಸ್' ಜಾಲತಾಣದಲ್ಲಿ ಹಂಚಿಕೊಂಡಿದ್ದು, ಅದರಲ್ಲಿ ತಮ್ಮ ವಿರುದ್ಧ ಅವಹೇಳನಕಾರಿ ಆರೋಪಗಳನ್ನು ಮಾಡಿದ್ದಾರೆ ಎಂದು ರೂಪಾ ಆರೋಪಿಸಿದ್ದರು. ಈ ಹೇಳಿಕೆಯನ್ನು ಸುಮಾರು 1.8 ಲಕ್ಷ ಮಂದಿ ವೀಕ್ಷಿಸಿದ್ದರಿಂದ ದುರುದ್ದೇಶ ಉಲ್ಲೇಖಿಸಲಾಗಿದೆ. ಈ ಹೇಳಿಕೆಯ ನಂತರ ತಮಗೆ ಮಾನಸಿಕ ಹಾನಿಯಾಗಿದೆ. ಅದು ಕಿರುಕುಳ ಸಂಬಂಧಿಸಿದ ಹುದ್ದೆ ಲಕ್ಷ್ಮಿ ರಚಿತ ಸ್ಥಿತಿ ಉಂಟಾಯಿತು ಎಂದು ರೂಪಾ ತಿಳಿಸಿದ್ದಾರೆ. ಹೀಗಾಗಿ ಅದನ್ನು ಸುಪ್ರೀಂಕೋರ್ಟ್ ಮನವಿ ಯಾಗಿಲ್ಲ ಎಂದು ಕಾರಣ ನೀಡಿ ಮಾನನಷ್ಟ ಪ್ರಕರಣ ದಾಖಲಿಸಿದ್ದರು.
